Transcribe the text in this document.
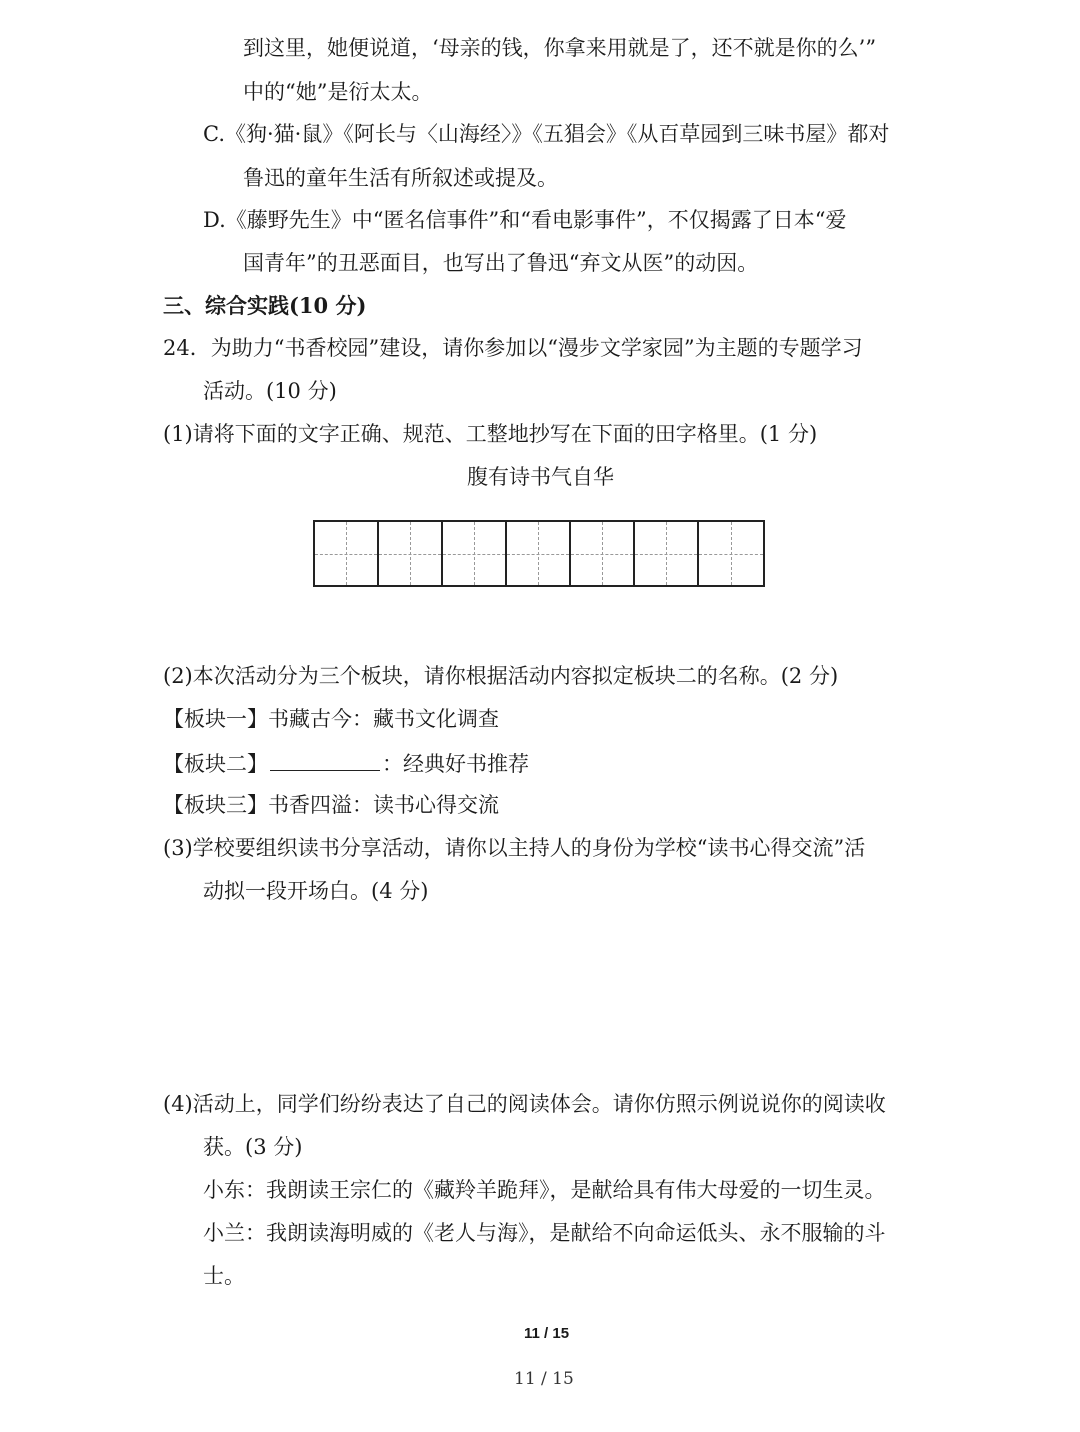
到这里，她便说道，‘母亲的钱，你拿来用就是了，还不就是你的么’”
中的“她”是衍太太。
C.《狗·猫·鼠》《阿长与〈山海经〉》《五猖会》《从百草园到三味书屋》都对
鲁迅的童年生活有所叙述或提及。
D.《藤野先生》中“匿名信事件”和“看电影事件”，不仅揭露了日本“爱
国青年”的丑恶面目，也写出了鲁迅“弃文从医”的动因。
三、综合实践(10 分)
24．为助力“书香校园”建设，请你参加以“漫步文学家园”为主题的专题学习
活动。(10 分)
(1)请将下面的文字正确、规范、工整地抄写在下面的田字格里。(1 分)
腹有诗书气自华
(2)本次活动分为三个板块，请你根据活动内容拟定板块二的名称。(2 分)
【板块一】书藏古今：藏书文化调查
【板块二】	：经典好书推荐
【板块三】书香四溢：读书心得交流
(3)学校要组织读书分享活动，请你以主持人的身份为学校“读书心得交流”活
动拟一段开场白。(4 分)
(4)活动上，同学们纷纷表达了自己的阅读体会。请你仿照示例说说你的阅读收
获。(3 分)
小东：我朗读王宗仁的《藏羚羊跪拜》，是献给具有伟大母爱的一切生灵。
小兰：我朗读海明威的《老人与海》，是献给不向命运低头、永不服输的斗
士。
11 / 15
11 / 15
